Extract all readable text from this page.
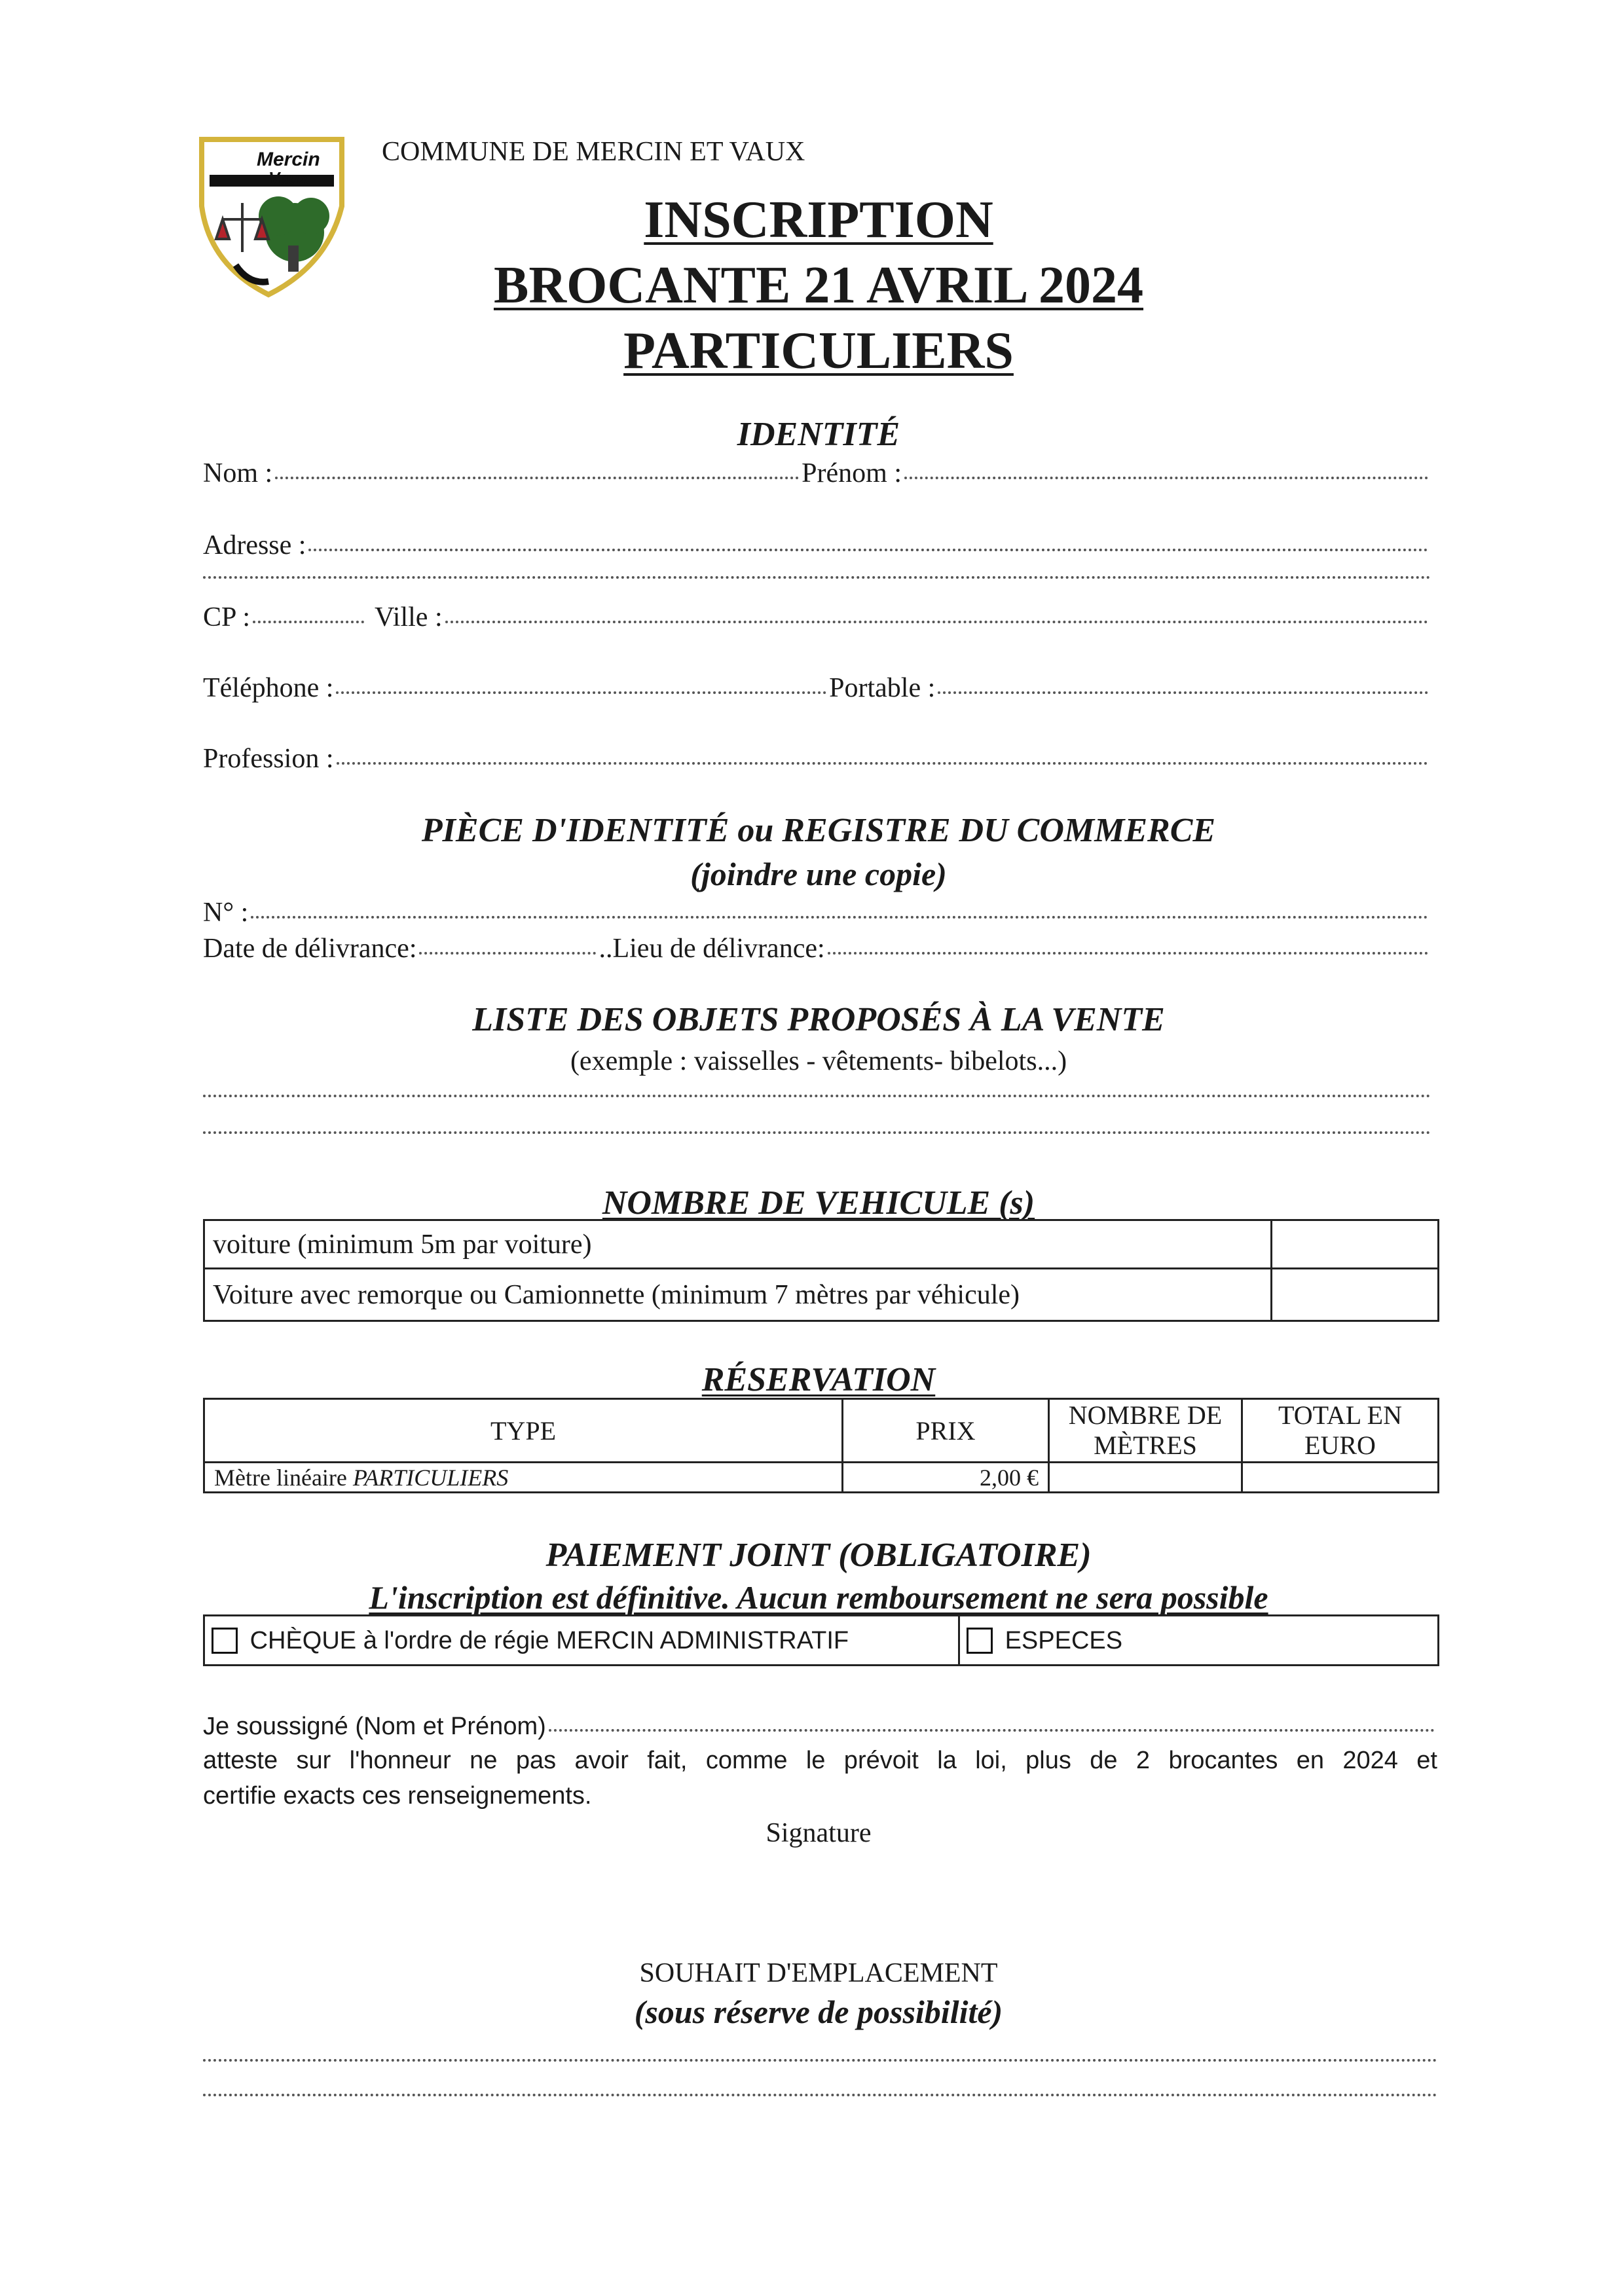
Mercin
Vaux
COMMUNE DE MERCIN ET VAUX
INSCRIPTION
BROCANTE 21 AVRIL 2024
PARTICULIERS
IDENTITÉ
Nom :	Prénom :
Adresse :
CP :	Ville :
Téléphone :	Portable :
Profession :
PIÈCE D'IDENTITÉ ou REGISTRE DU COMMERCE
(joindre une copie)
N° :
Date de délivrance:	..Lieu de délivrance:
LISTE DES OBJETS PROPOSÉS À LA VENTE
(exemple : vaisselles - vêtements- bibelots...)
NOMBRE DE VEHICULE (s)
voiture (minimum 5m par voiture)	
Voiture avec remorque ou Camionnette (minimum 7 mètres par véhicule)	
RÉSERVATION
TYPE	PRIX	NOMBRE DE MÈTRES	TOTAL EN EURO
Mètre linéaire PARTICULIERS	2,00 €		
PAIEMENT JOINT (OBLIGATOIRE)
L'inscription est définitive. Aucun remboursement ne sera possible
CHÈQUE à l'ordre de régie MERCIN ADMINISTRATIF	ESPECES
Je soussigné (Nom et Prénom)
atteste sur l'honneur ne pas avoir fait, comme le prévoit la loi, plus de 2 brocantes en 2024 et
certifie exacts ces renseignements.
Signature
SOUHAIT D'EMPLACEMENT
(sous réserve de possibilité)
